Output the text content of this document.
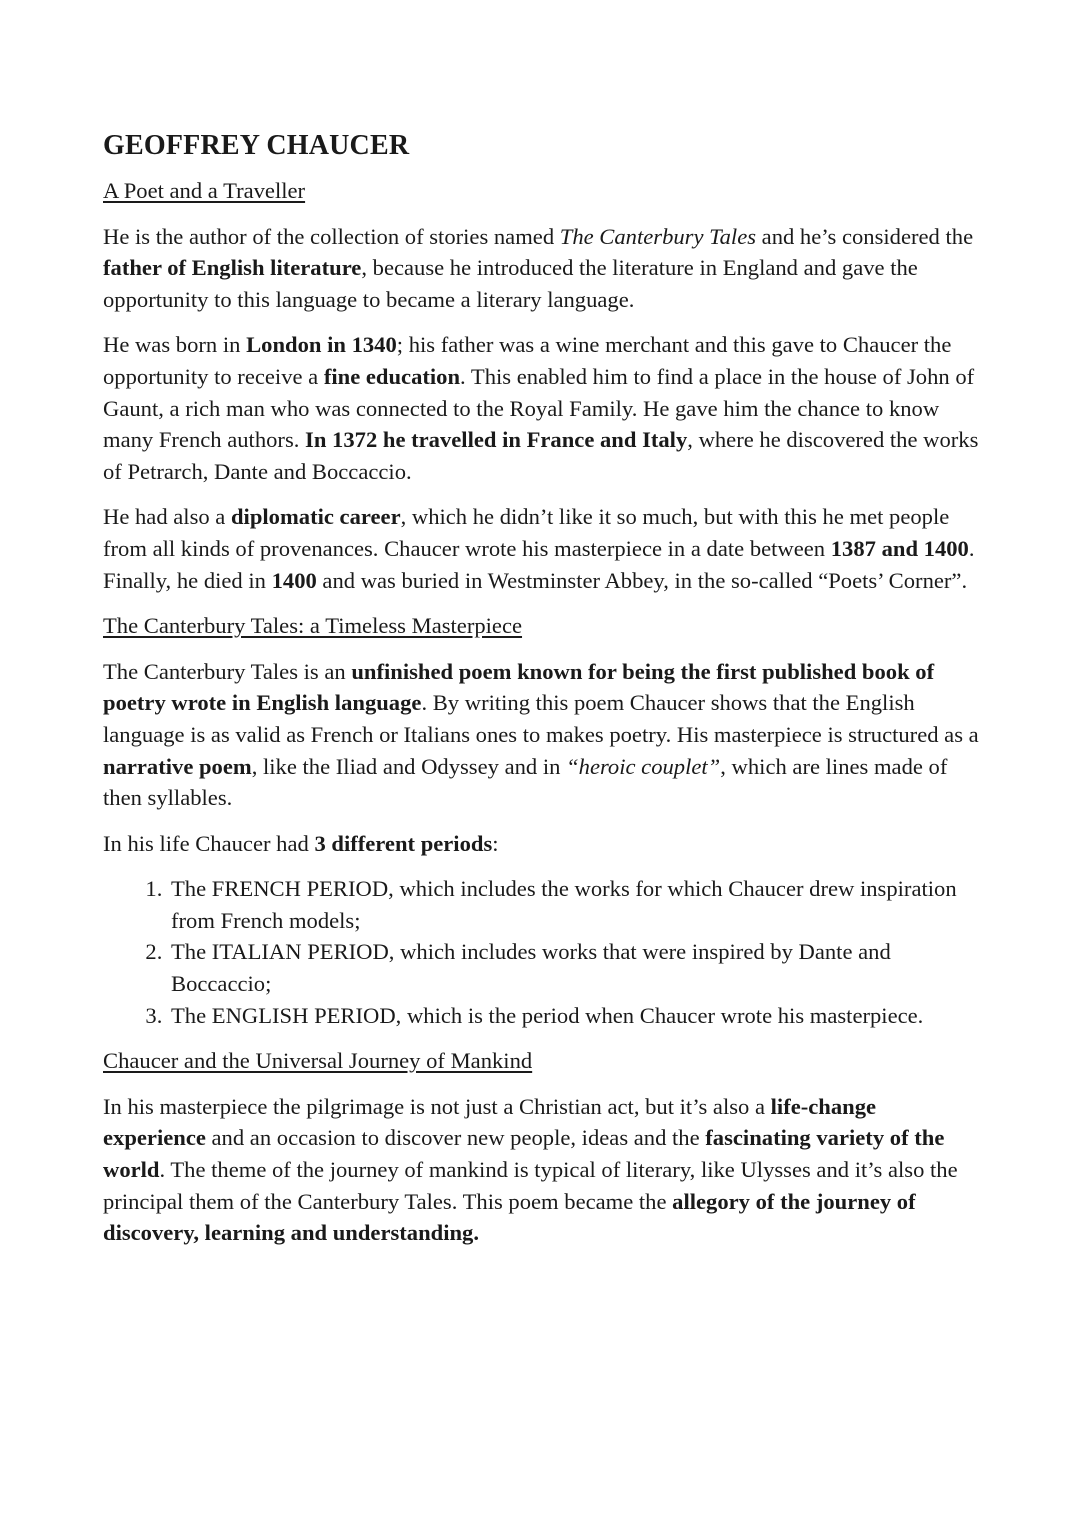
GEOFFREY CHAUCER
A Poet and a Traveller

He is the author of the collection of stories named The Canterbury Tales and he’s considered the father of English literature, because he introduced the literature in England and gave the opportunity to this language to became a literary language.

He was born in London in 1340; his father was a wine merchant and this gave to Chaucer the opportunity to receive a fine education. This enabled him to find a place in the house of John of Gaunt, a rich man who was connected to the Royal Family. He gave him the chance to know many French authors. In 1372 he travelled in France and Italy, where he discovered the works of Petrarch, Dante and Boccaccio.

He had also a diplomatic career, which he didn’t like it so much, but with this he met people from all kinds of provenances. Chaucer wrote his masterpiece in a date between 1387 and 1400. Finally, he died in 1400 and was buried in Westminster Abbey, in the so-called “Poets’ Corner”.

The Canterbury Tales: a Timeless Masterpiece

The Canterbury Tales is an unfinished poem known for being the first published book of poetry wrote in English language. By writing this poem Chaucer shows that the English language is as valid as French or Italians ones to makes poetry. His masterpiece is structured as a narrative poem, like the Iliad and Odyssey and in “heroic couplet”, which are lines made of then syllables.

In his life Chaucer had 3 different periods:

1. The FRENCH PERIOD, which includes the works for which Chaucer drew inspiration from French models;
2. The ITALIAN PERIOD, which includes works that were inspired by Dante and Boccaccio;
3. The ENGLISH PERIOD, which is the period when Chaucer wrote his masterpiece.
Chaucer and the Universal Journey of Mankind

In his masterpiece the pilgrimage is not just a Christian act, but it’s also a life-change experience and an occasion to discover new people, ideas and the fascinating variety of the world. The theme of the journey of mankind is typical of literary, like Ulysses and it’s also the principal them of the Canterbury Tales. This poem became the allegory of the journey of discovery, learning and understanding.
